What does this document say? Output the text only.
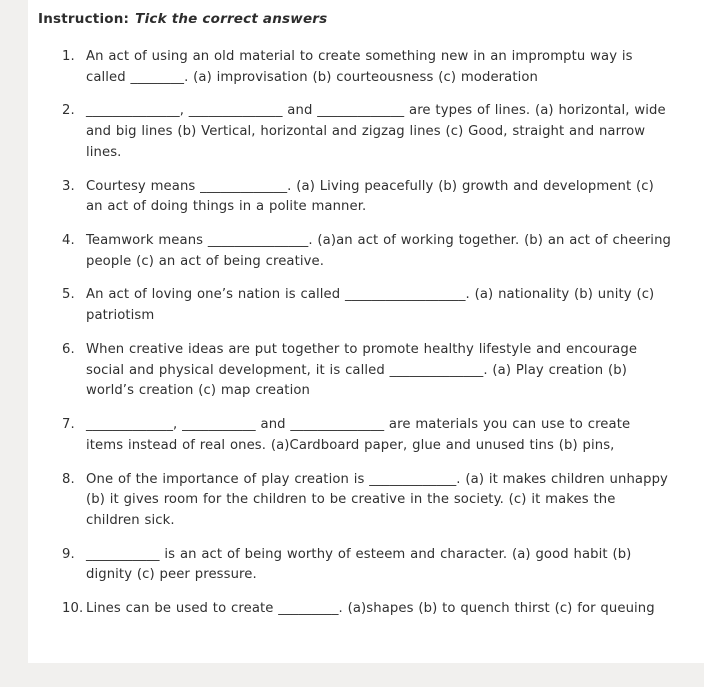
Instruction: Tick the correct answers
1. An act of using an old material to create something new in an impromptu way is called ________. (a) improvisation (b) courteousness (c) moderation
2. ______________, ______________ and _____________ are types of lines. (a) horizontal, wide and big lines (b) Vertical, horizontal and zigzag lines (c) Good, straight and narrow lines.
3. Courtesy means _____________. (a) Living peacefully (b) growth and development (c) an act of doing things in a polite manner.
4. Teamwork means _______________. (a)an act of working together. (b) an act of cheering people (c) an act of being creative.
5. An act of loving one’s nation is called __________________. (a) nationality (b) unity (c) patriotism
6. When creative ideas are put together to promote healthy lifestyle and encourage social and physical development, it is called ______________. (a) Play creation (b) world’s creation (c) map creation
7. _____________, ___________ and ______________ are materials you can use to create items instead of real ones. (a)Cardboard paper, glue and unused tins (b) pins,
8. One of the importance of play creation is _____________. (a) it makes children unhappy (b) it gives room for the children to be creative in the society. (c) it makes the children sick.
9. ___________ is an act of being worthy of esteem and character. (a) good habit (b) dignity (c) peer pressure.
10. Lines can be used to create _________. (a)shapes (b) to quench thirst (c) for queuing
